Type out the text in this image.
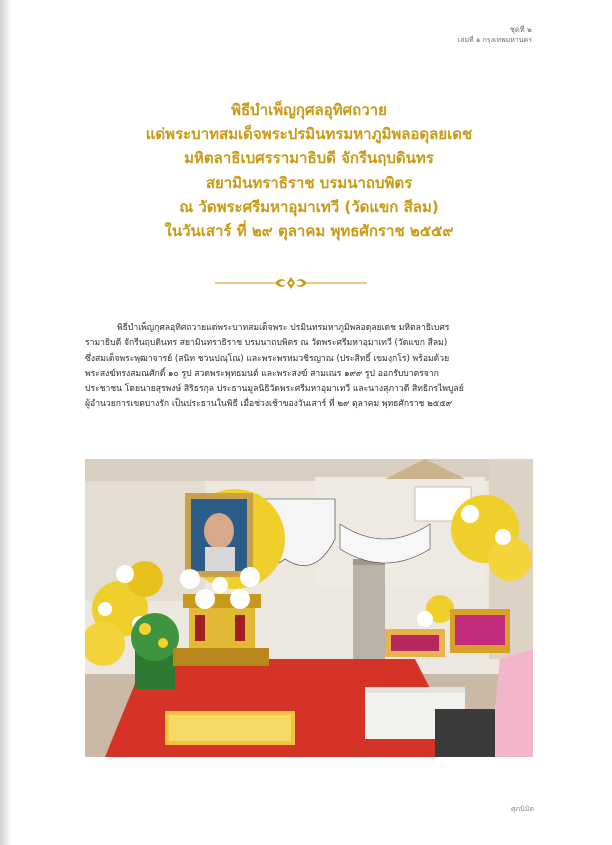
ชุดที่ ๒
เล่มที่ ๑ กรุงเทพมหานคร
พิธีบำเพ็ญกุศลอุทิศถวาย
แด่พระบาทสมเด็จพระปรมินทรมหาภูมิพลอดุลยเดช
มหิตลาธิเบศรรามาธิบดี จักรีนฤบดินทร
สยามินทราธิราช บรมนาถบพิตร
ณ วัดพระศรีมหาอุมาเทวี (วัดแขก สีลม)
ในวันเสาร์ ที่ ๒๙ ตุลาคม พุทธศักราช ๒๕๕๙
พิธีบำเพ็ญกุศลอุทิศถวายแด่พระบาทสมเด็จพระ ปรมินทรมหาภูมิพลอดุลยเดช มหิตลาธิเบศร
รามาธิบดี จักรีนฤบดินทร สยามินทราธิราช บรมนาถบพิตร ณ วัดพระศรีมหาอุมาเทวี (วัดแขก สีลม)
ซึ่งสมเด็จพระพุฒาจารย์ (สนิท ชวนปณฺโณ) และพระพรหมวชิรญาณ (ประสิทธิ์ เขมงฺกโร) พร้อมด้วย
พระสงฆ์ทรงสมณศักดิ์ ๑๐ รูป สวดพระพุทธมนต์ และพระสงฆ์ สามเณร ๑๙๙ รูป ออกรับบาตรจาก
ประชาชน โดยนายสุรพงษ์ สิริธรกุล ประธานมูลนิธิวัดพระศรีมหาอุมาเทวี และนางสุภาวดี สิทธิกรไพบูลย์
ผู้อำนวยการเขตบางรัก เป็นประธานในพิธี เมื่อช่วงเช้าของวันเสาร์ ที่ ๒๙ ตุลาคม พุทธศักราช ๒๕๕๙
ศุภนิมิต
